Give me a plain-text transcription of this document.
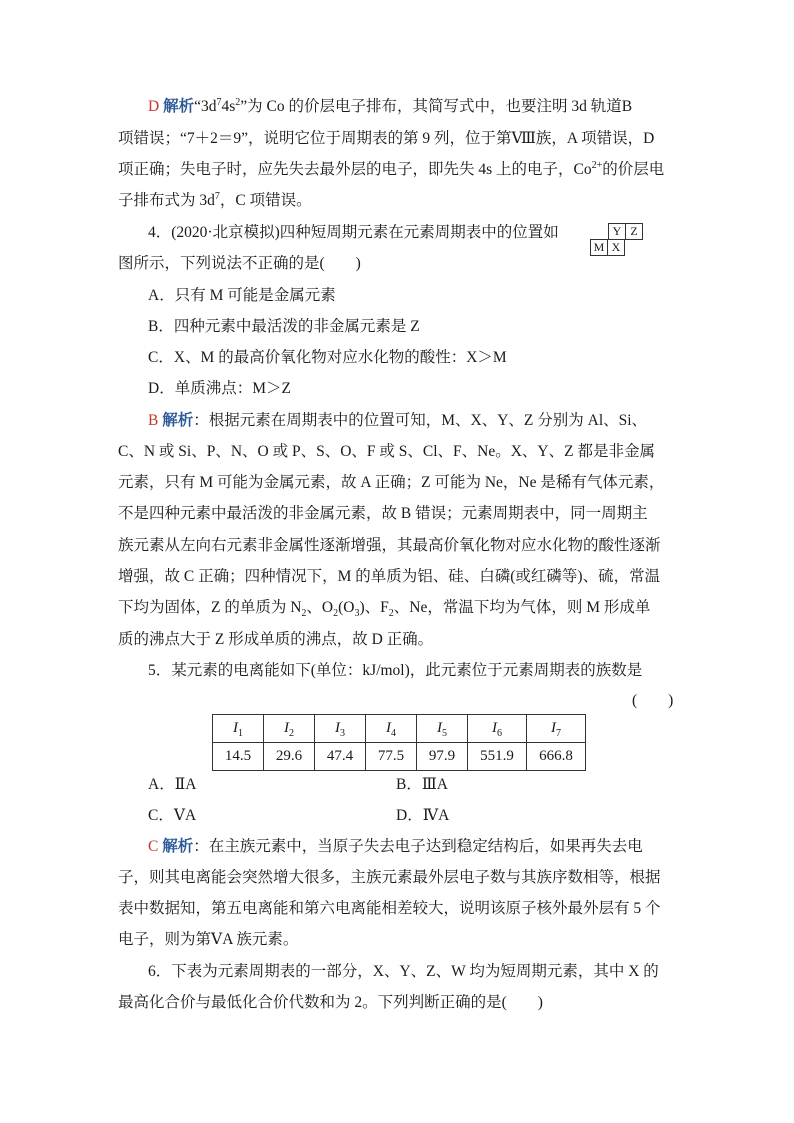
D 解析“$3d^74s^2$”为 Co 的价层电子排布，其简写式中，也要注明 3d 轨道B
项错误；“7＋2＝9”，说明它位于周期表的第 9 列，位于第Ⅷ族，A 项错误，D
项正确；失电子时，应先失去最外层的电子，即先失 4s 上的电子，$Co^{2+}$的价层电
子排布式为 $3d^7$，C 项错误。
4．(2020·北京模拟)四种短周期元素在元素周期表中的位置如
图所示，下列说法不正确的是(　　)
Y Z
M X
A．只有 M 可能是金属元素
B．四种元素中最活泼的非金属元素是 Z
C．X、M 的最高价氧化物对应水化物的酸性：X＞M
D．单质沸点：M＞Z
B 解析：根据元素在周期表中的位置可知，M、X、Y、Z 分别为 Al、Si、
C、N 或 Si、P、N、O 或 P、S、O、F 或 S、Cl、F、Ne。X、Y、Z 都是非金属
元素，只有 M 可能为金属元素，故 A 正确；Z 可能为 Ne，Ne 是稀有气体元素，
不是四种元素中最活泼的非金属元素，故 B 错误；元素周期表中，同一周期主
族元素从左向右元素非金属性逐渐增强，其最高价氧化物对应水化物的酸性逐渐
增强，故 C 正确；四种情况下，M 的单质为铝、硅、白磷(或红磷等)、硫，常温
下均为固体，Z 的单质为 $N_2$、$O_2(O_3)$、$F_2$、Ne，常温下均为气体，则 M 形成单
质的沸点大于 Z 形成单质的沸点，故 D 正确。
5．某元素的电离能如下(单位：kJ/mol)，此元素位于元素周期表的族数是
(　　)
$I_1$	$I_2$	$I_3$	$I_4$	$I_5$	$I_6$	$I_7$
14.5	29.6	47.4	77.5	97.9	551.9	666.8
A．ⅡA	B．ⅢA
C．ⅤA	D．ⅣA
C 解析：在主族元素中，当原子失去电子达到稳定结构后，如果再失去电
子，则其电离能会突然增大很多，主族元素最外层电子数与其族序数相等，根据
表中数据知，第五电离能和第六电离能相差较大，说明该原子核外最外层有 5 个
电子，则为第ⅤA 族元素。
6．下表为元素周期表的一部分，X、Y、Z、W 均为短周期元素，其中 X 的
最高化合价与最低化合价代数和为 2。下列判断正确的是(　　)
